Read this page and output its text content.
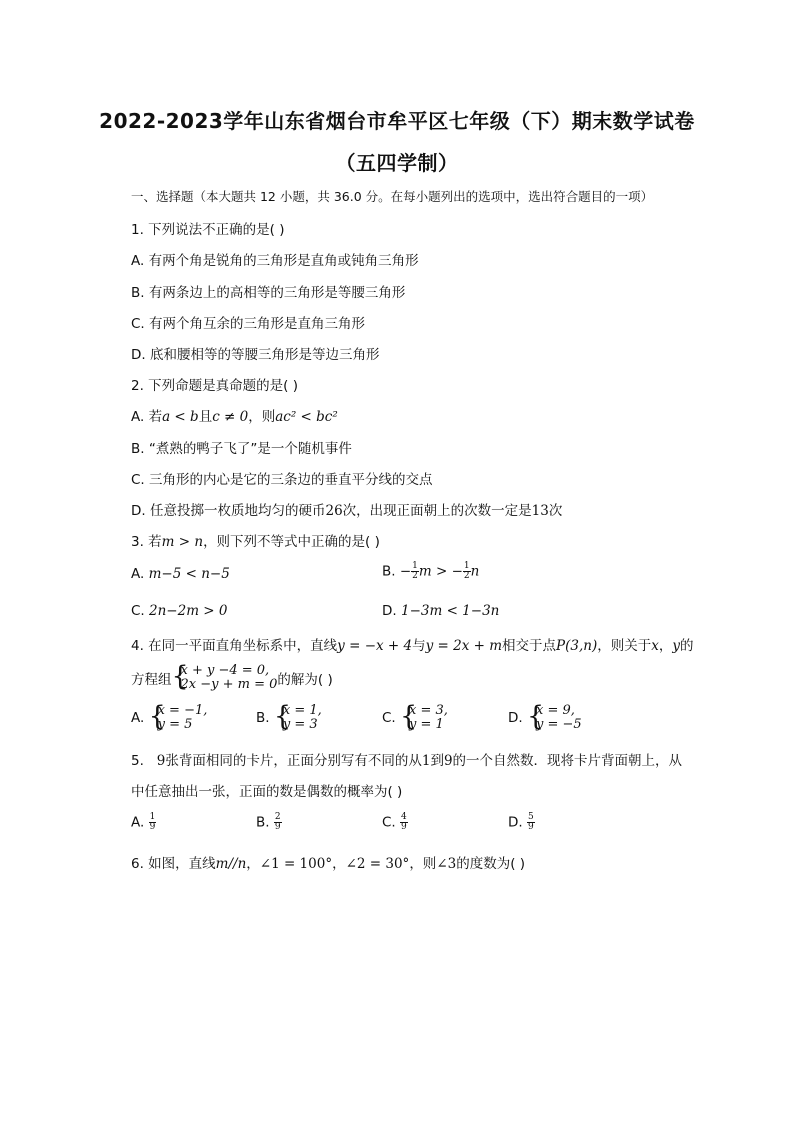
2022-2023学年山东省烟台市牟平区七年级（下）期末数学试卷
（五四学制）
一、选择题（本大题共 12 小题，共 36.0 分。在每小题列出的选项中，选出符合题目的一项）
1. 下列说法不正确的是( )
A. 有两个角是锐角的三角形是直角或钝角三角形
B. 有两条边上的高相等的三角形是等腰三角形
C. 有两个角互余的三角形是直角三角形
D. 底和腰相等的等腰三角形是等边三角形
2. 下列命题是真命题的是( )
A. 若a < b且c ≠ 0，则ac² < bc²
B. “煮熟的鸭子飞了”是一个随机事件
C. 三角形的内心是它的三条边的垂直平分线的交点
D. 任意投掷一枚质地均匀的硬币26次，出现正面朝上的次数一定是13次
3. 若m > n，则下列不等式中正确的是( )
A. m−5 < n−5	B. − $\frac{1}{2}$ m > − $\frac{1}{2}$ n
C. 2n−2m > 0	D. 1−3m < 1−3n
4. 在同一平面直角坐标系中，直线y = −x + 4与y = 2x + m相交于点P(3,n)，则关于x，y的
方程组 {
x + y −4 = 0,
2x −y + m = 0 的解为( )
A. {
x = −1,
y = 5	B. {
x = 1,
y = 3	C. {
x = 3,
y = 1	D. {
x = 9,
y = −5
5.   9张背面相同的卡片，正面分别写有不同的从1到9的一个自然数．现将卡片背面朝上，从
中任意抽出一张，正面的数是偶数的概率为( )
A. $\frac{1}{9}$	B. $\frac{2}{9}$	C. $\frac{4}{9}$	D. $\frac{5}{9}$
6. 如图，直线m//n，∠1 = 100°，∠2 = 30°，则∠3的度数为( )
